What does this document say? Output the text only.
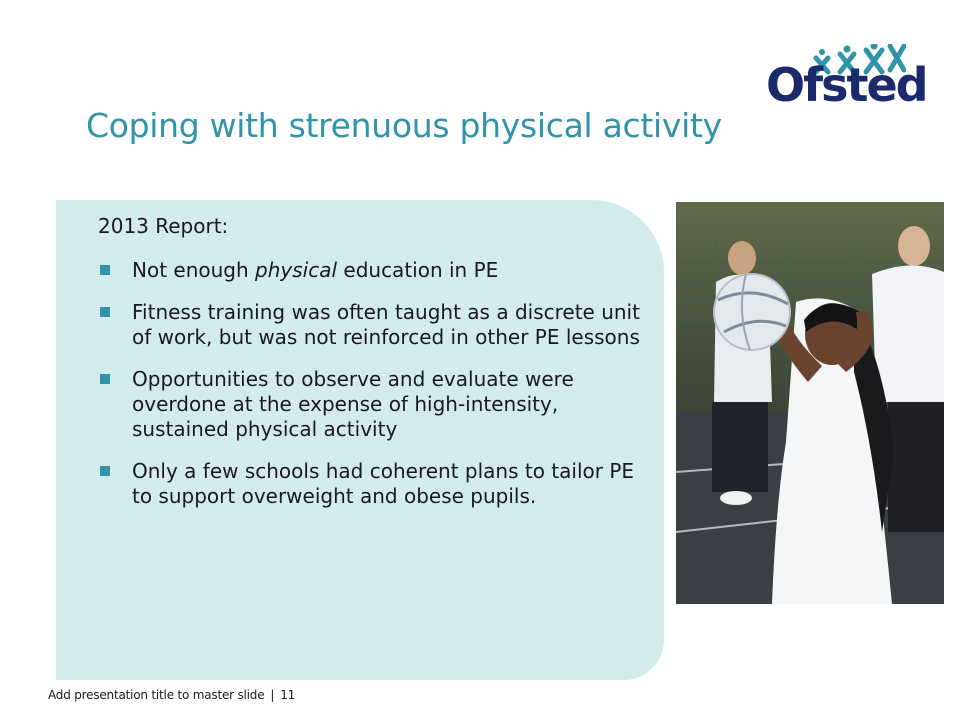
Ofsted
Coping with strenuous physical activity
2013 Report:
Not enough physical education in PE
Fitness training was often taught as a discrete unit of work, but was not reinforced in other PE lessons
Opportunities to observe and evaluate were overdone at the expense of high-intensity, sustained physical activity
Only a few schools had coherent plans to tailor PE to support overweight and obese pupils.
Add presentation title to master slide | 11
